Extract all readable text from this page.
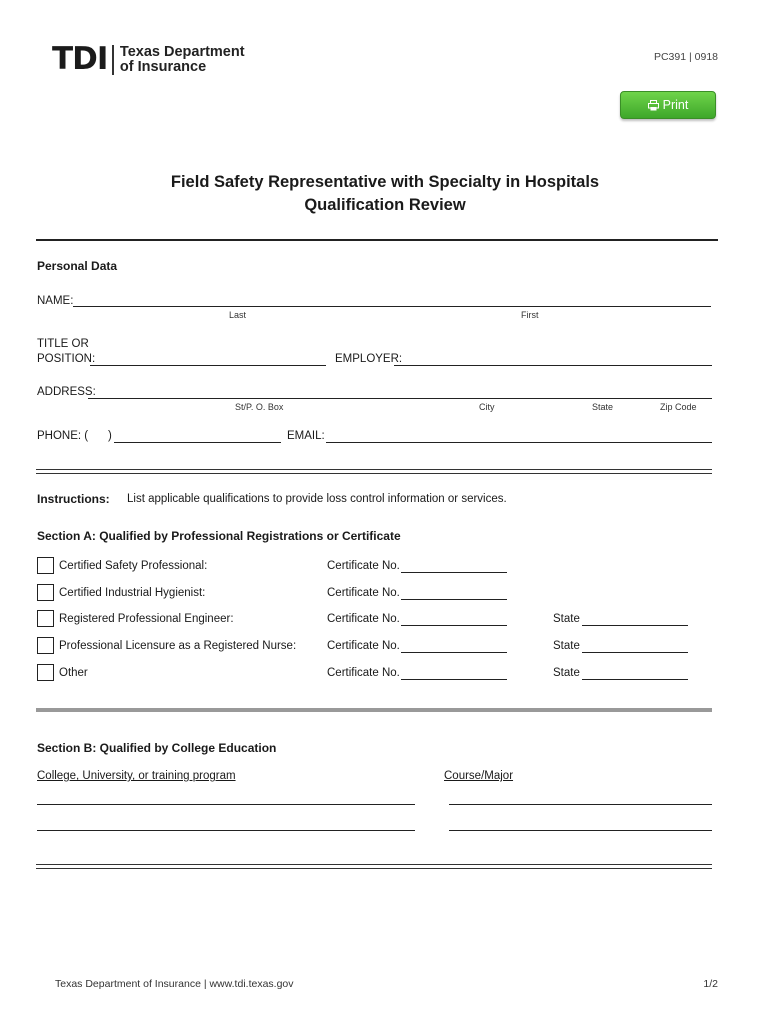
TDI Texas Department
of Insurance
PC391 | 0918
Print
Field Safety Representative with Specialty in Hospitals
Qualification Review
Personal Data
NAME:
Last	First
TITLE OR
POSITION:	EMPLOYER:
ADDRESS:
St/P. O. Box	City	State	Zip Code
PHONE: ( )	EMAIL:
Instructions: List applicable qualifications to provide loss control information or services.
Section A: Qualified by Professional Registrations or Certificate
Certified Safety Professional:	Certificate No.
Certified Industrial Hygienist:	Certificate No.
Registered Professional Engineer:	Certificate No.	State
Professional Licensure as a Registered Nurse:	Certificate No.	State
Other	Certificate No.	State
Section B: Qualified by College Education
College, University, or training program	Course/Major
Texas Department of Insurance | www.tdi.texas.gov	1/2
